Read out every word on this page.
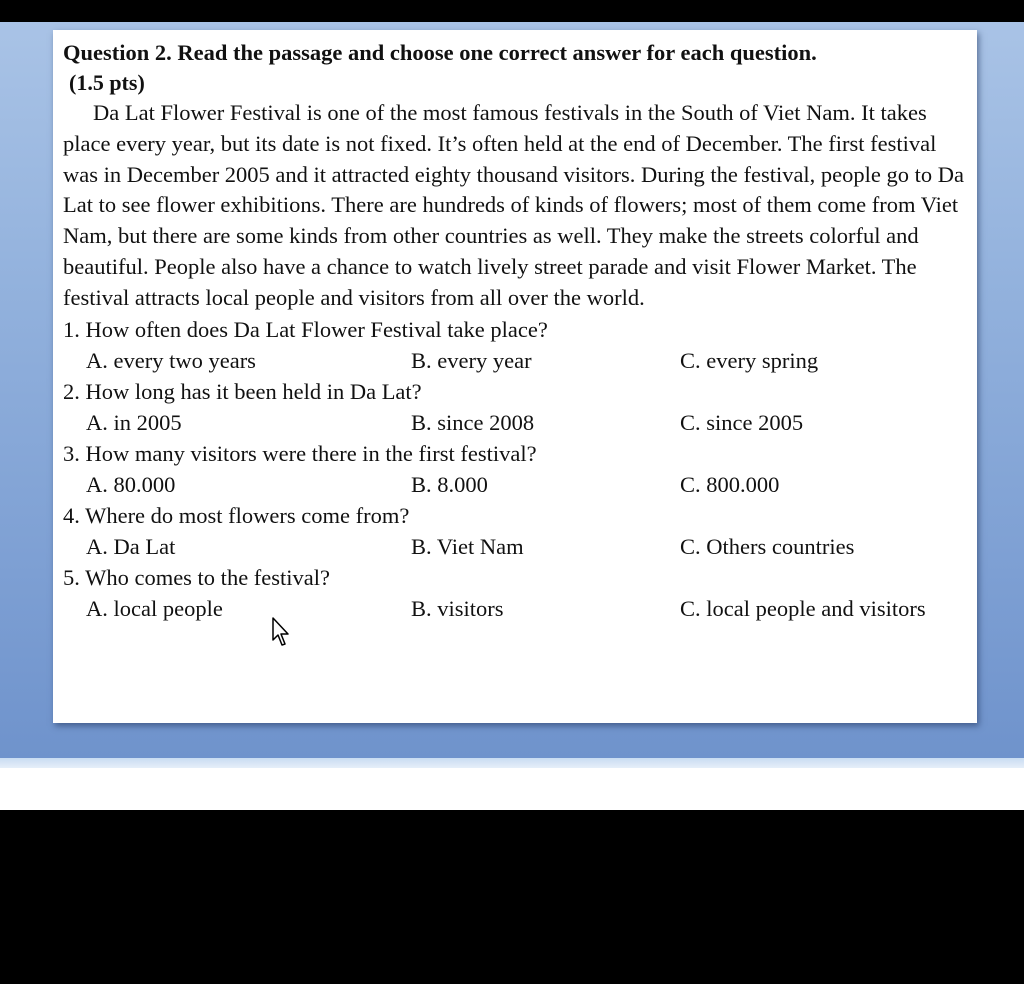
Question 2. Read the passage and choose one correct answer for each question.

(1.5 pts)

Da Lat Flower Festival is one of the most famous festivals in the South of Viet Nam. It takes place every year, but its date is not fixed. It’s often held at the end of December. The first festival was in December 2005 and it attracted eighty thousand visitors. During the festival, people go to Da Lat to see flower exhibitions. There are hundreds of kinds of flowers; most of them come from Viet Nam, but there are some kinds from other countries as well. They make the streets colorful and beautiful. People also have a chance to watch lively street parade and visit Flower Market. The festival attracts local people and visitors from all over the world.

1. How often does Da Lat Flower Festival take place?
A. every two years	B. every year	C. every spring
2. How long has it been held in Da Lat?
A. in 2005	B. since 2008	C. since 2005
3. How many visitors were there in the first festival?
A. 80.000	B. 8.000	C. 800.000
4. Where do most flowers come from?
A. Da Lat	B. Viet Nam	C. Others countries
5. Who comes to the festival?
A. local people	B. visitors	C. local people and visitors
